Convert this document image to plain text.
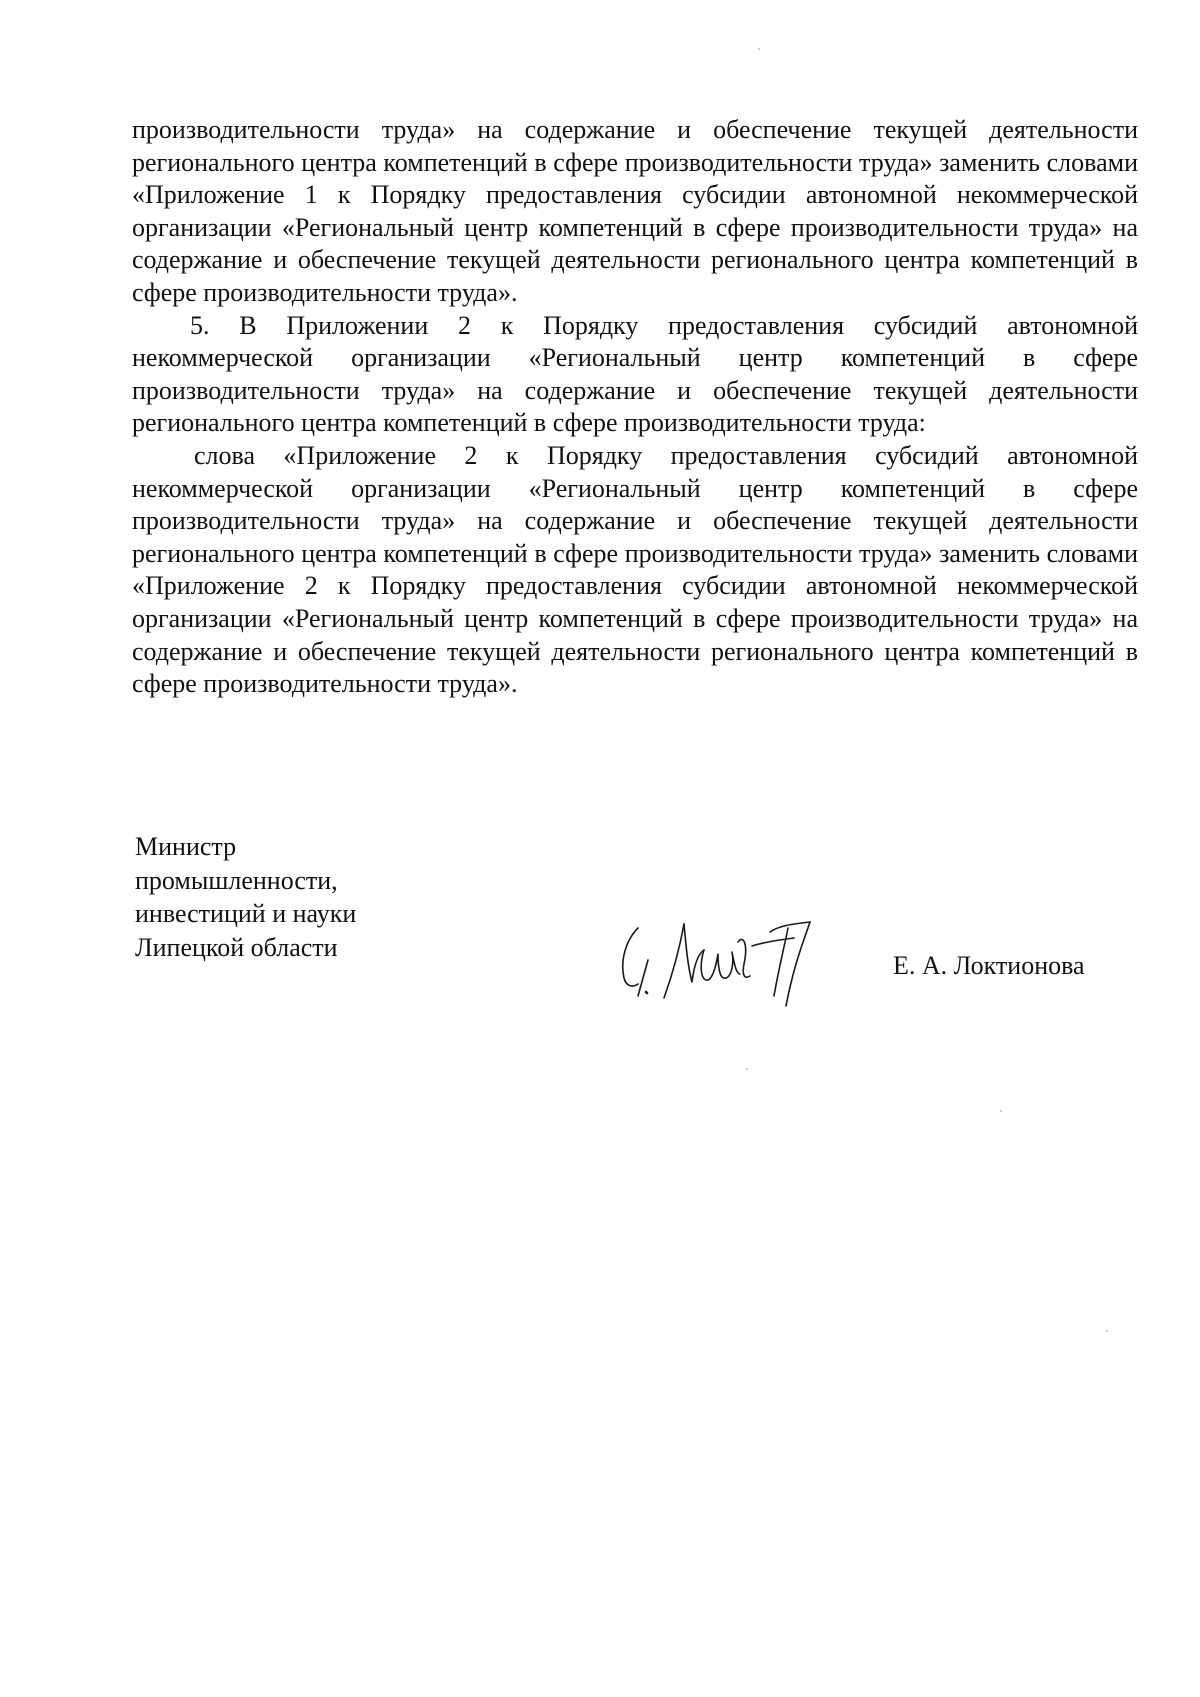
производительности труда» на содержание и обеспечение текущей деятельности регионального центра компетенций в сфере производительности труда» заменить словами «Приложение 1 к Порядку предоставления субсидии автономной некоммерческой организации «Региональный центр компетенций в сфере производительности труда» на содержание и обеспечение текущей деятельности регионального центра компетенций в сфере производительности труда».

5. В Приложении 2 к Порядку предоставления субсидий автономной некоммерческой организации «Региональный центр компетенций в сфере производительности труда» на содержание и обеспечение текущей деятельности регионального центра компетенций в сфере производительности труда:

слова «Приложение 2 к Порядку предоставления субсидий автономной некоммерческой организации «Региональный центр компетенций в сфере производительности труда» на содержание и обеспечение текущей деятельности регионального центра компетенций в сфере производительности труда» заменить словами «Приложение 2 к Порядку предоставления субсидии автономной некоммерческой организации «Региональный центр компетенций в сфере производительности труда» на содержание и обеспечение текущей деятельности регионального центра компетенций в сфере производительности труда».

Министр
промышленности,
инвестиций и науки
Липецкой области
Е. А. Локтионова
